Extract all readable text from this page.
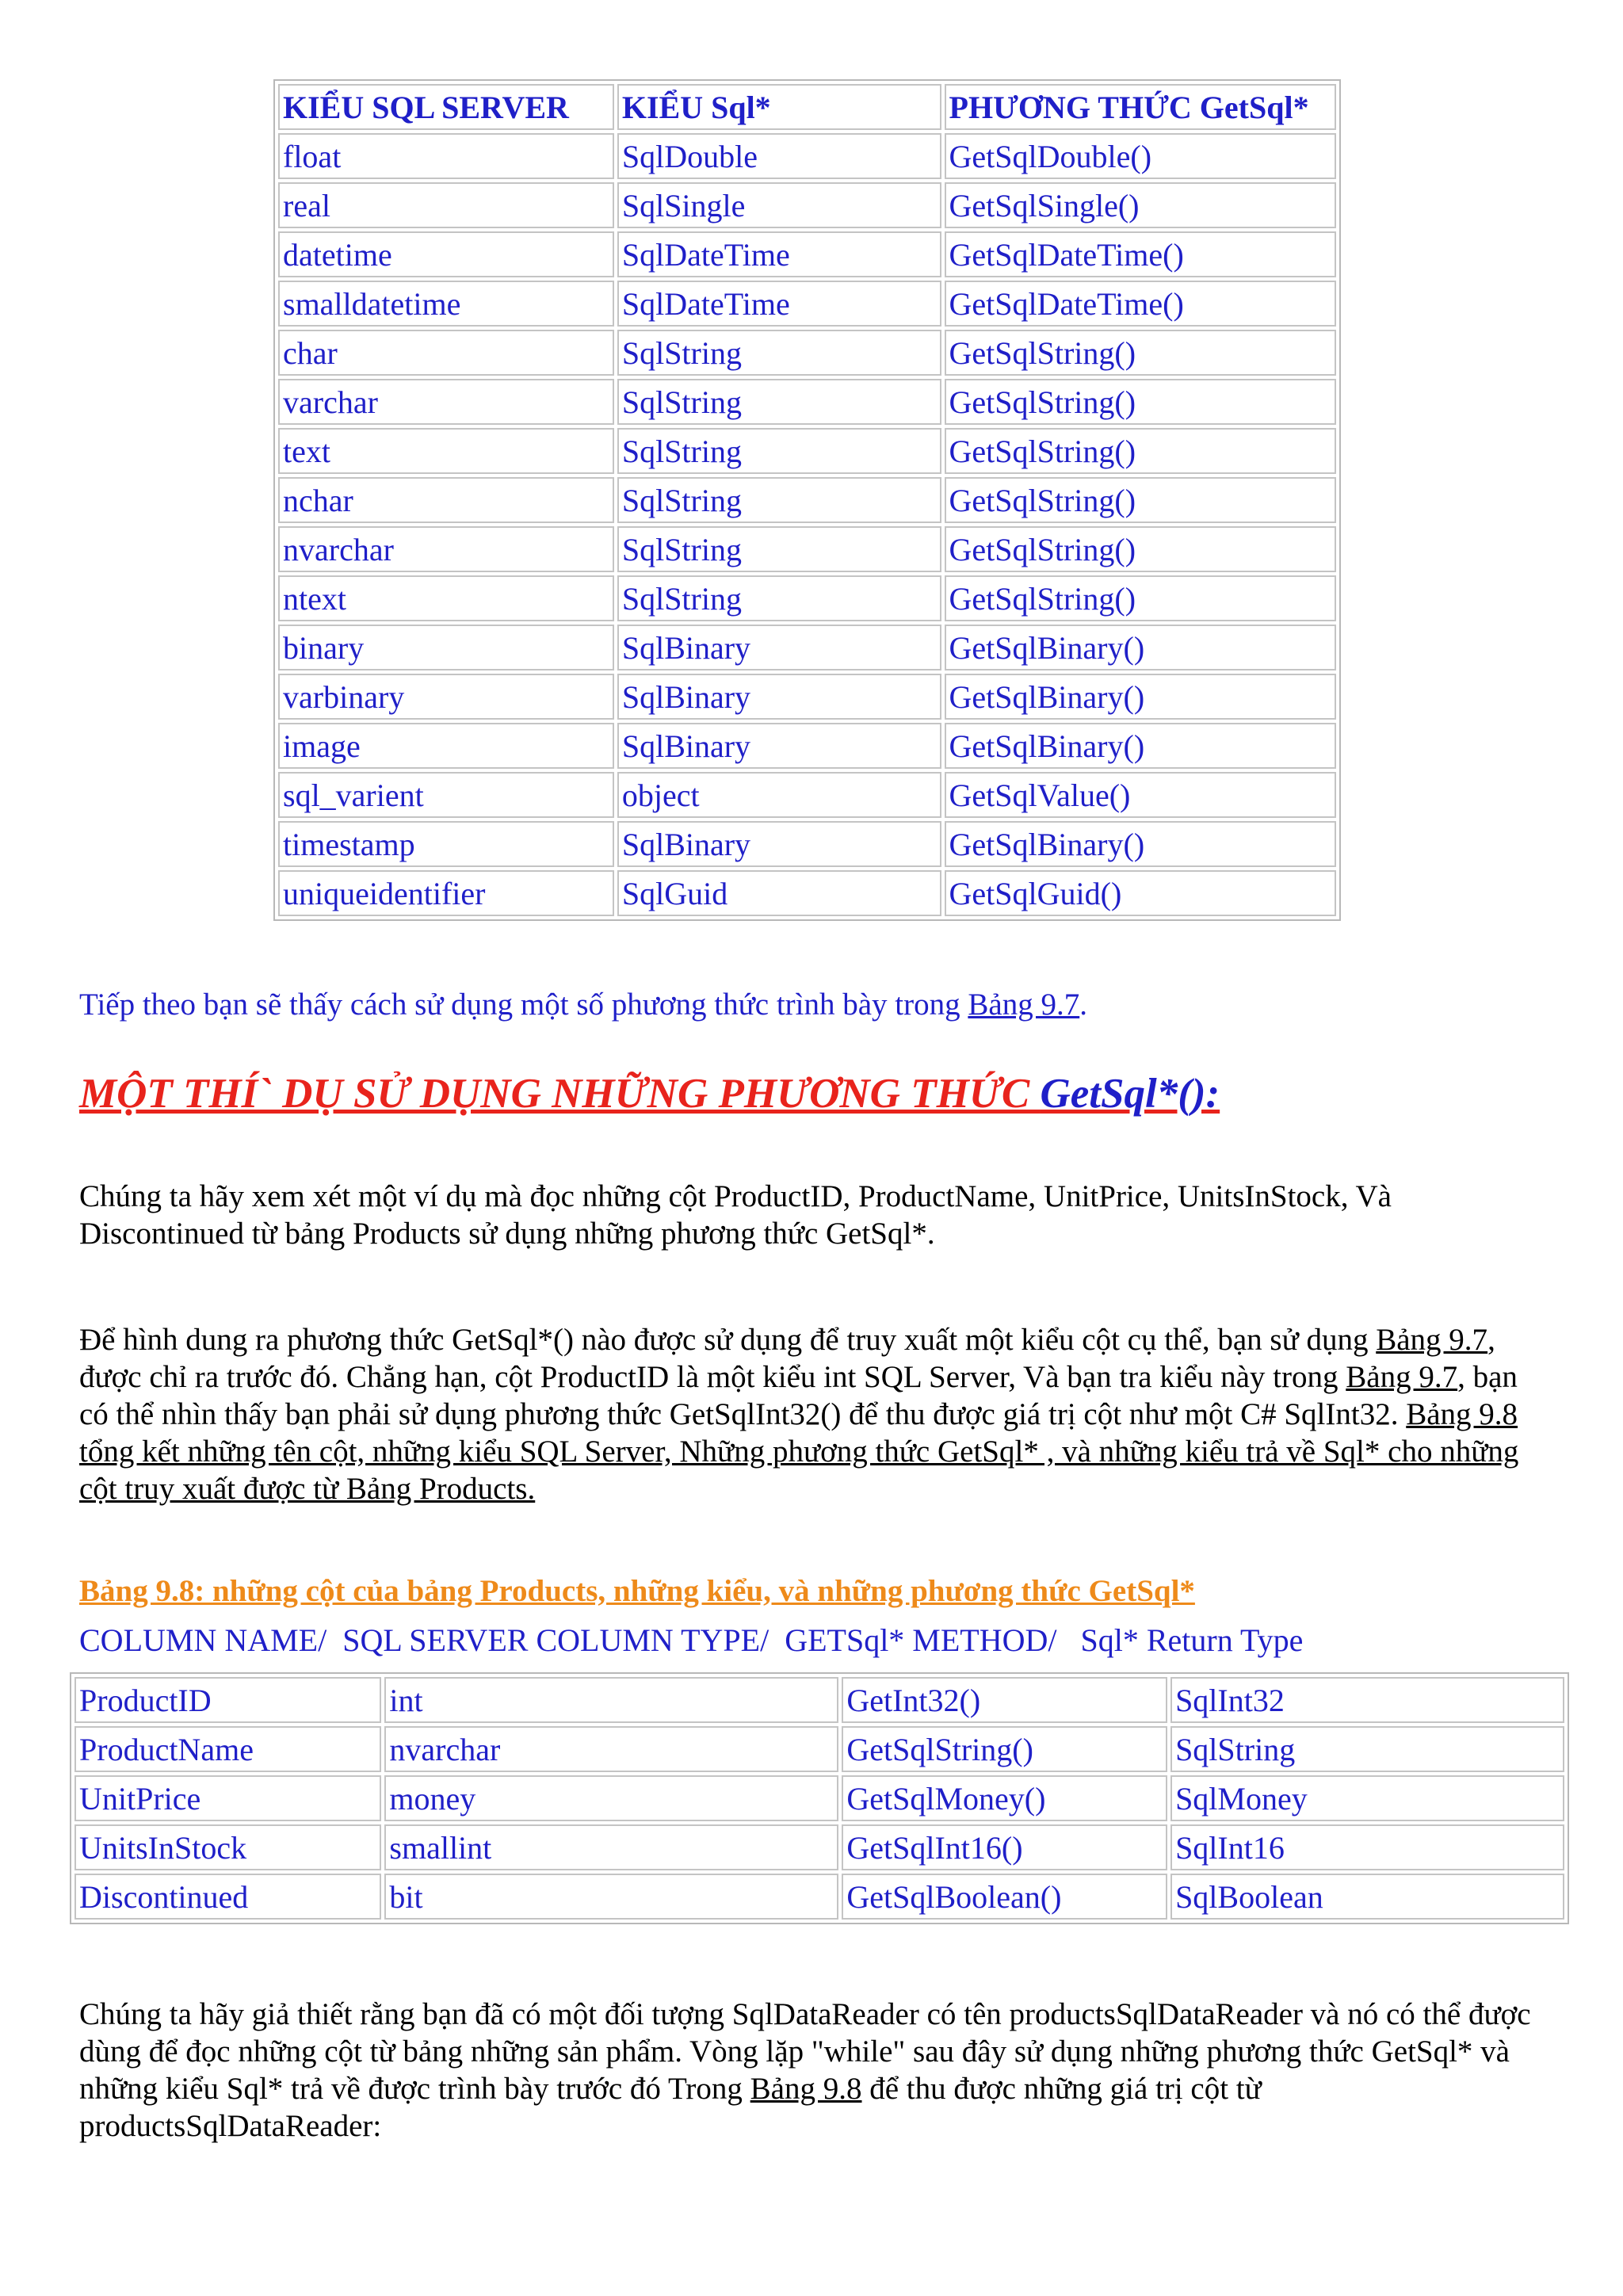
KIỂU SQL SERVER	KIỂU Sql*	PHƯƠNG THỨC GetSql*
float	SqlDouble	GetSqlDouble()
real	SqlSingle	GetSqlSingle()
datetime	SqlDateTime	GetSqlDateTime()
smalldatetime	SqlDateTime	GetSqlDateTime()
char	SqlString	GetSqlString()
varchar	SqlString	GetSqlString()
text	SqlString	GetSqlString()
nchar	SqlString	GetSqlString()
nvarchar	SqlString	GetSqlString()
ntext	SqlString	GetSqlString()
binary	SqlBinary	GetSqlBinary()
varbinary	SqlBinary	GetSqlBinary()
image	SqlBinary	GetSqlBinary()
sql_varient	object	GetSqlValue()
timestamp	SqlBinary	GetSqlBinary()
uniqueidentifier	SqlGuid	GetSqlGuid()

Tiếp theo bạn sẽ thấy cách sử dụng một số phương thức trình bày trong Bảng 9.7.

MỘT THÍ` DỤ SỬ DỤNG NHỮNG PHƯƠNG THỨC GetSql*():

Chúng ta hãy xem xét một ví dụ mà đọc những cột ProductID, ProductName, UnitPrice, UnitsInStock, Và Discontinued từ bảng Products sử dụng những phương thức GetSql*.

Để hình dung ra phương thức GetSql*() nào được sử dụng để truy xuất một kiểu cột cụ thể, bạn sử dụng Bảng 9.7, được chỉ ra trước đó. Chẳng hạn, cột ProductID là một kiểu int SQL Server, Và bạn tra kiểu này trong Bảng 9.7, bạn có thể nhìn thấy bạn phải sử dụng phương thức GetSqlInt32() để thu được giá trị cột như một C# SqlInt32. Bảng 9.8 tổng kết những tên cột, những kiểu SQL Server, Những phương thức GetSql* , và những kiểu trả về Sql* cho những cột truy xuất được từ Bảng Products.

Bảng 9.8: những cột của bảng Products, những kiểu, và những phương thức GetSql*

COLUMN NAME/  SQL SERVER COLUMN TYPE/  GETSql* METHOD/   Sql* Return Type

ProductID	int	GetInt32()	SqlInt32
ProductName	nvarchar	GetSqlString()	SqlString
UnitPrice	money	GetSqlMoney()	SqlMoney
UnitsInStock	smallint	GetSqlInt16()	SqlInt16
Discontinued	bit	GetSqlBoolean()	SqlBoolean

Chúng ta hãy giả thiết rằng bạn đã có một đối tượng SqlDataReader có tên productsSqlDataReader và nó có thể được dùng để đọc những cột từ bảng những sản phẩm. Vòng lặp "while" sau đây sử dụng những phương thức GetSql* và những kiểu Sql* trả về được trình bày trước đó Trong Bảng 9.8 để thu được những giá trị cột từ productsSqlDataReader:
